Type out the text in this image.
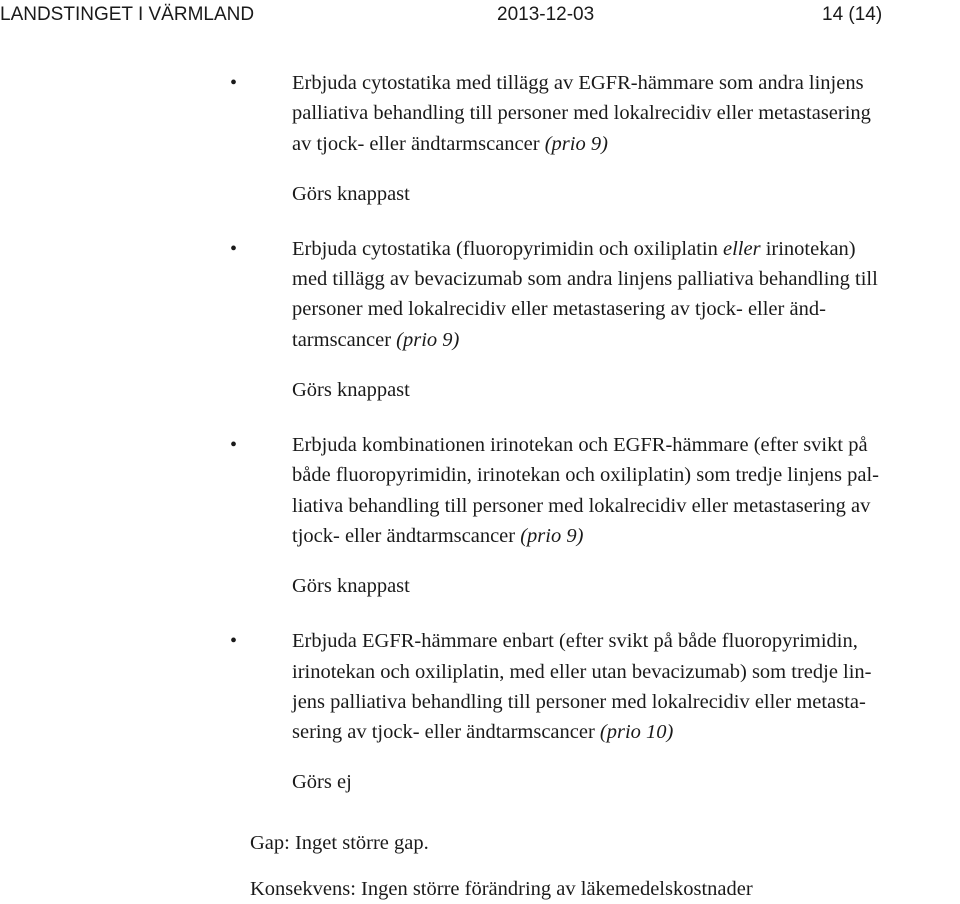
LANDSTINGET I VÄRMLAND	2013-12-03	14 (14)
•	Erbjuda cytostatika med tillägg av EGFR-hämmare som andra linjens
palliativa behandling till personer med lokalrecidiv eller metastasering
av tjock- eller ändtarmscancer (prio 9)
Görs knappast
•	Erbjuda cytostatika (fluoropyrimidin och oxiliplatin eller irinotekan)
med tillägg av bevacizumab som andra linjens palliativa behandling till
personer med lokalrecidiv eller metastasering av tjock- eller änd-
tarmscancer (prio 9)
Görs knappast
•	Erbjuda kombinationen irinotekan och EGFR-hämmare (efter svikt på
både fluoropyrimidin, irinotekan och oxiliplatin) som tredje linjens pal-
liativa behandling till personer med lokalrecidiv eller metastasering av
tjock- eller ändtarmscancer (prio 9)
Görs knappast
•	Erbjuda EGFR-hämmare enbart (efter svikt på både fluoropyrimidin,
irinotekan och oxiliplatin, med eller utan bevacizumab) som tredje lin-
jens palliativa behandling till personer med lokalrecidiv eller metasta-
sering av tjock- eller ändtarmscancer (prio 10)
Görs ej
Gap: Inget större gap.
Konsekvens: Ingen större förändring av läkemedelskostnader
